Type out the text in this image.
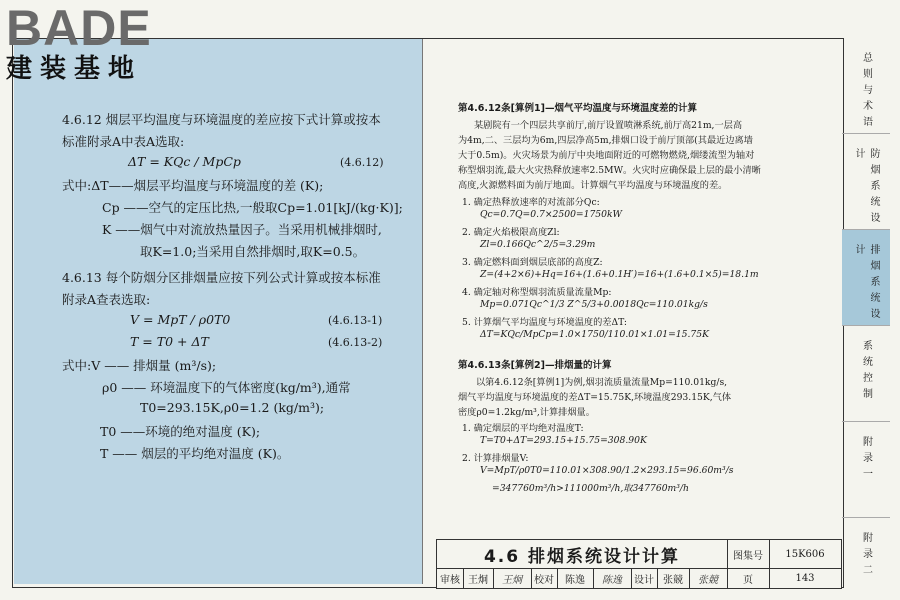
BADE
建装基地
4.6.12 烟层平均温度与环境温度的差应按下式计算或按本
标准附录A中表A选取:
ΔT = KQc / MpCp	(4.6.12)
式中:ΔT——烟层平均温度与环境温度的差 (K);
Cp ——空气的定压比热,一般取Cp=1.01[kJ/(kg·K)];
K ——烟气中对流放热量因子。当采用机械排烟时,
取K=1.0;当采用自然排烟时,取K=0.5。
4.6.13 每个防烟分区排烟量应按下列公式计算或按本标准
附录A查表选取:
V = MpT / ρ0T0	(4.6.13-1)
T = T0 + ΔT	(4.6.13-2)
式中:V —— 排烟量 (m³/s);
ρ0 —— 环境温度下的气体密度(kg/m³),通常
T0=293.15K,ρ0=1.2 (kg/m³);
T0 ——环境的绝对温度 (K);
T —— 烟层的平均绝对温度 (K)。
第4.6.12条[算例1]—烟气平均温度与环境温度差的计算
某剧院有一个四层共享前厅,前厅设置喷淋系统,前厅高21m,一层高
为4m,二、三层均为6m,四层净高5m,排烟口设于前厅顶部(其最近边离墙
大于0.5m)。火灾场景为前厅中央地面附近的可燃物燃烧,烟缕流型为轴对
称型烟羽流,最大火灾热释放速率2.5MW。火灾时应确保最上层的最小清晰
高度,火源燃料面为前厅地面。计算烟气平均温度与环境温度的差。
1. 确定热释放速率的对流部分Qc:
Qc=0.7Q=0.7×2500=1750kW
2. 确定火焰极限高度Zl:
Zl=0.166Qc^2/5=3.29m
3. 确定燃料面到烟层底部的高度Z:
Z=(4+2×6)+Hq=16+(1.6+0.1H′)=16+(1.6+0.1×5)=18.1m
4. 确定轴对称型烟羽流质量流量Mp:
Mp=0.071Qc^1/3 Z^5/3+0.0018Qc=110.01kg/s
5. 计算烟气平均温度与环境温度的差ΔT:
ΔT=KQc/MpCp=1.0×1750/110.01×1.01=15.75K
第4.6.13条[算例2]—排烟量的计算
以第4.6.12条[算例1]为例,烟羽流质量流量Mp=110.01kg/s,
烟气平均温度与环境温度的差ΔT=15.75K,环境温度293.15K,气体
密度ρ0=1.2kg/m³,计算排烟量。
1. 确定烟层的平均绝对温度T:
T=T0+ΔT=293.15+15.75=308.90K
2. 计算排烟量V:
V=MpT/ρ0T0=110.01×308.90/1.2×293.15=96.60m³/s
=347760m³/h>111000m³/h,取347760m³/h
总则与术语
防烟系统设计
排烟系统设计
系统控制
附录一
附录二
4.6 排烟系统设计计算	图集号	15K606
审核 王炯	王炯	校对	陈逸	陈逸	设计 张競	张競	页	143
